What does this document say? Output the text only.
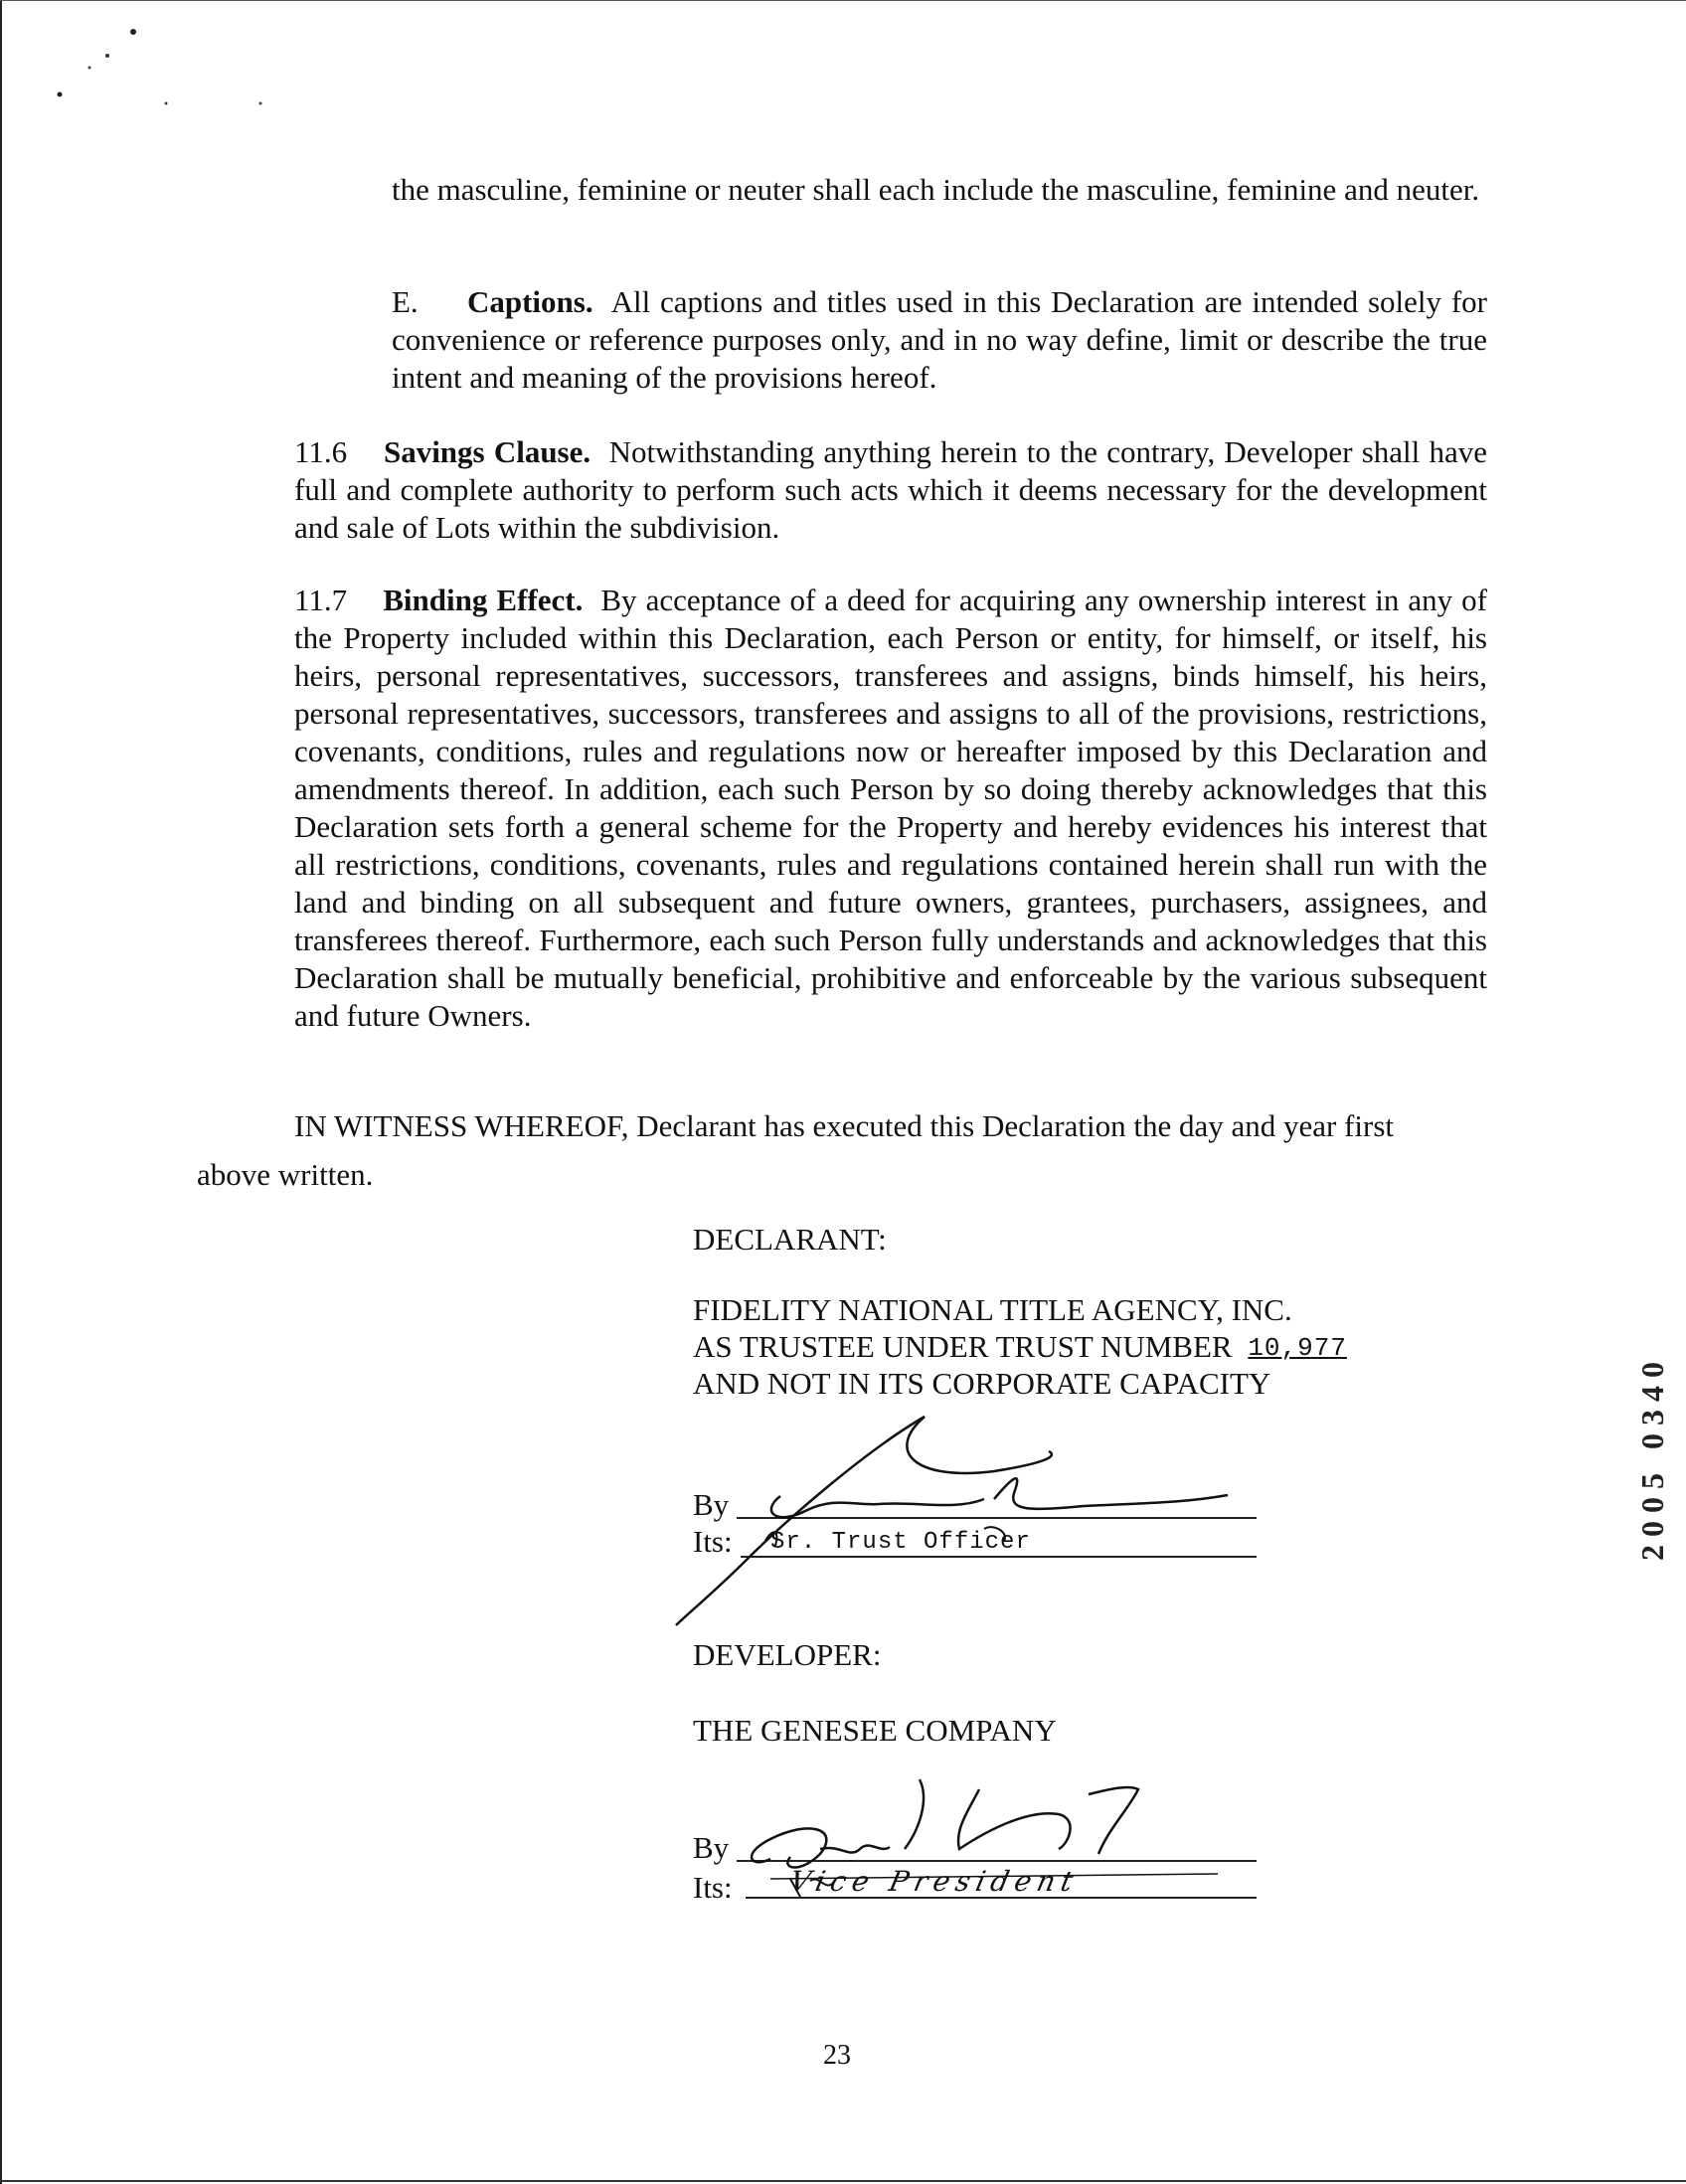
the masculine, feminine or neuter shall each include the masculine, feminine and neuter.

E. Captions. All captions and titles used in this Declaration are intended solely for convenience or reference purposes only, and in no way define, limit or describe the true intent and meaning of the provisions hereof.

11.6 Savings Clause. Notwithstanding anything herein to the contrary, Developer shall have full and complete authority to perform such acts which it deems necessary for the development and sale of Lots within the subdivision.

11.7 Binding Effect. By acceptance of a deed for acquiring any ownership interest in any of the Property included within this Declaration, each Person or entity, for himself, or itself, his heirs, personal representatives, successors, transferees and assigns, binds himself, his heirs, personal representatives, successors, transferees and assigns to all of the provisions, restrictions, covenants, conditions, rules and regulations now or hereafter imposed by this Declaration and amendments thereof. In addition, each such Person by so doing thereby acknowledges that this Declaration sets forth a general scheme for the Property and hereby evidences his interest that all restrictions, conditions, covenants, rules and regulations contained herein shall run with the land and binding on all subsequent and future owners, grantees, purchasers, assignees, and transferees thereof. Furthermore, each such Person fully understands and acknowledges that this Declaration shall be mutually beneficial, prohibitive and enforceable by the various subsequent and future Owners.

IN WITNESS WHEREOF, Declarant has executed this Declaration the day and year first
above written.
DECLARANT:
FIDELITY NATIONAL TITLE AGENCY, INC.
AS TRUSTEE UNDER TRUST NUMBER 10,977
AND NOT IN ITS CORPORATE CAPACITY
By
Its: Sr. Trust Officer
DEVELOPER:
THE GENESEE COMPANY
By
Its: Vice President
2005 0340
23
